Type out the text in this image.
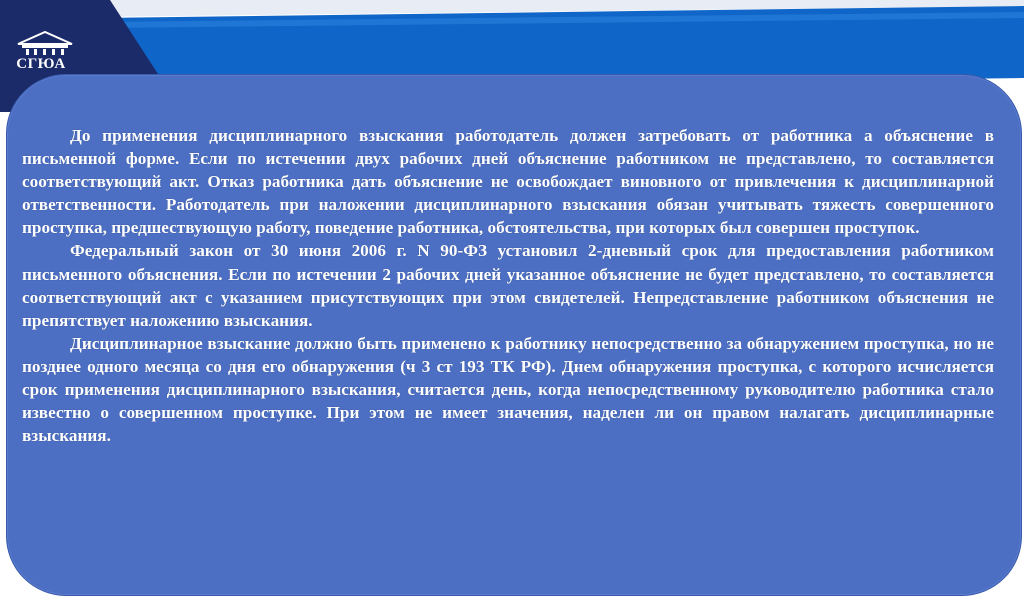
СГЮА

До применения дисциплинарного взыскания работодатель должен затребовать от работника а объяснение в письменной форме. Если по истечении двух рабочих дней объяснение работником не представлено, то составляется соответствующий акт. Отказ работника дать объяснение не освобождает виновного от привлечения к дисциплинарной ответственности. Работодатель при наложении дисциплинарного взыскания обязан учитывать тяжесть совершенного проступка, предшествующую работу, поведение работника, обстоятельства, при которых был совершен проступок.

Федеральный закон от 30 июня 2006 г. N 90-ФЗ установил 2-дневный срок для предоставления работником письменного объяснения. Если по истечении 2 рабочих дней указанное объяснение не будет представлено, то составляется соответствующий акт с указанием присутствующих при этом свидетелей. Непредставление работником объяснения не препятствует наложению взыскания.

Дисциплинарное взыскание должно быть применено к работнику непосредственно за обнаружением проступка, но не позднее одного месяца со дня его обнаружения (ч 3 ст 193 ТК РФ). Днем обнаружения проступка, с которого исчисляется срок применения дисциплинарного взыскания, считается день, когда непосредственному руководителю работника стало известно о совершенном проступке. При этом не имеет значения, наделен ли он правом налагать дисциплинарные взыскания.
